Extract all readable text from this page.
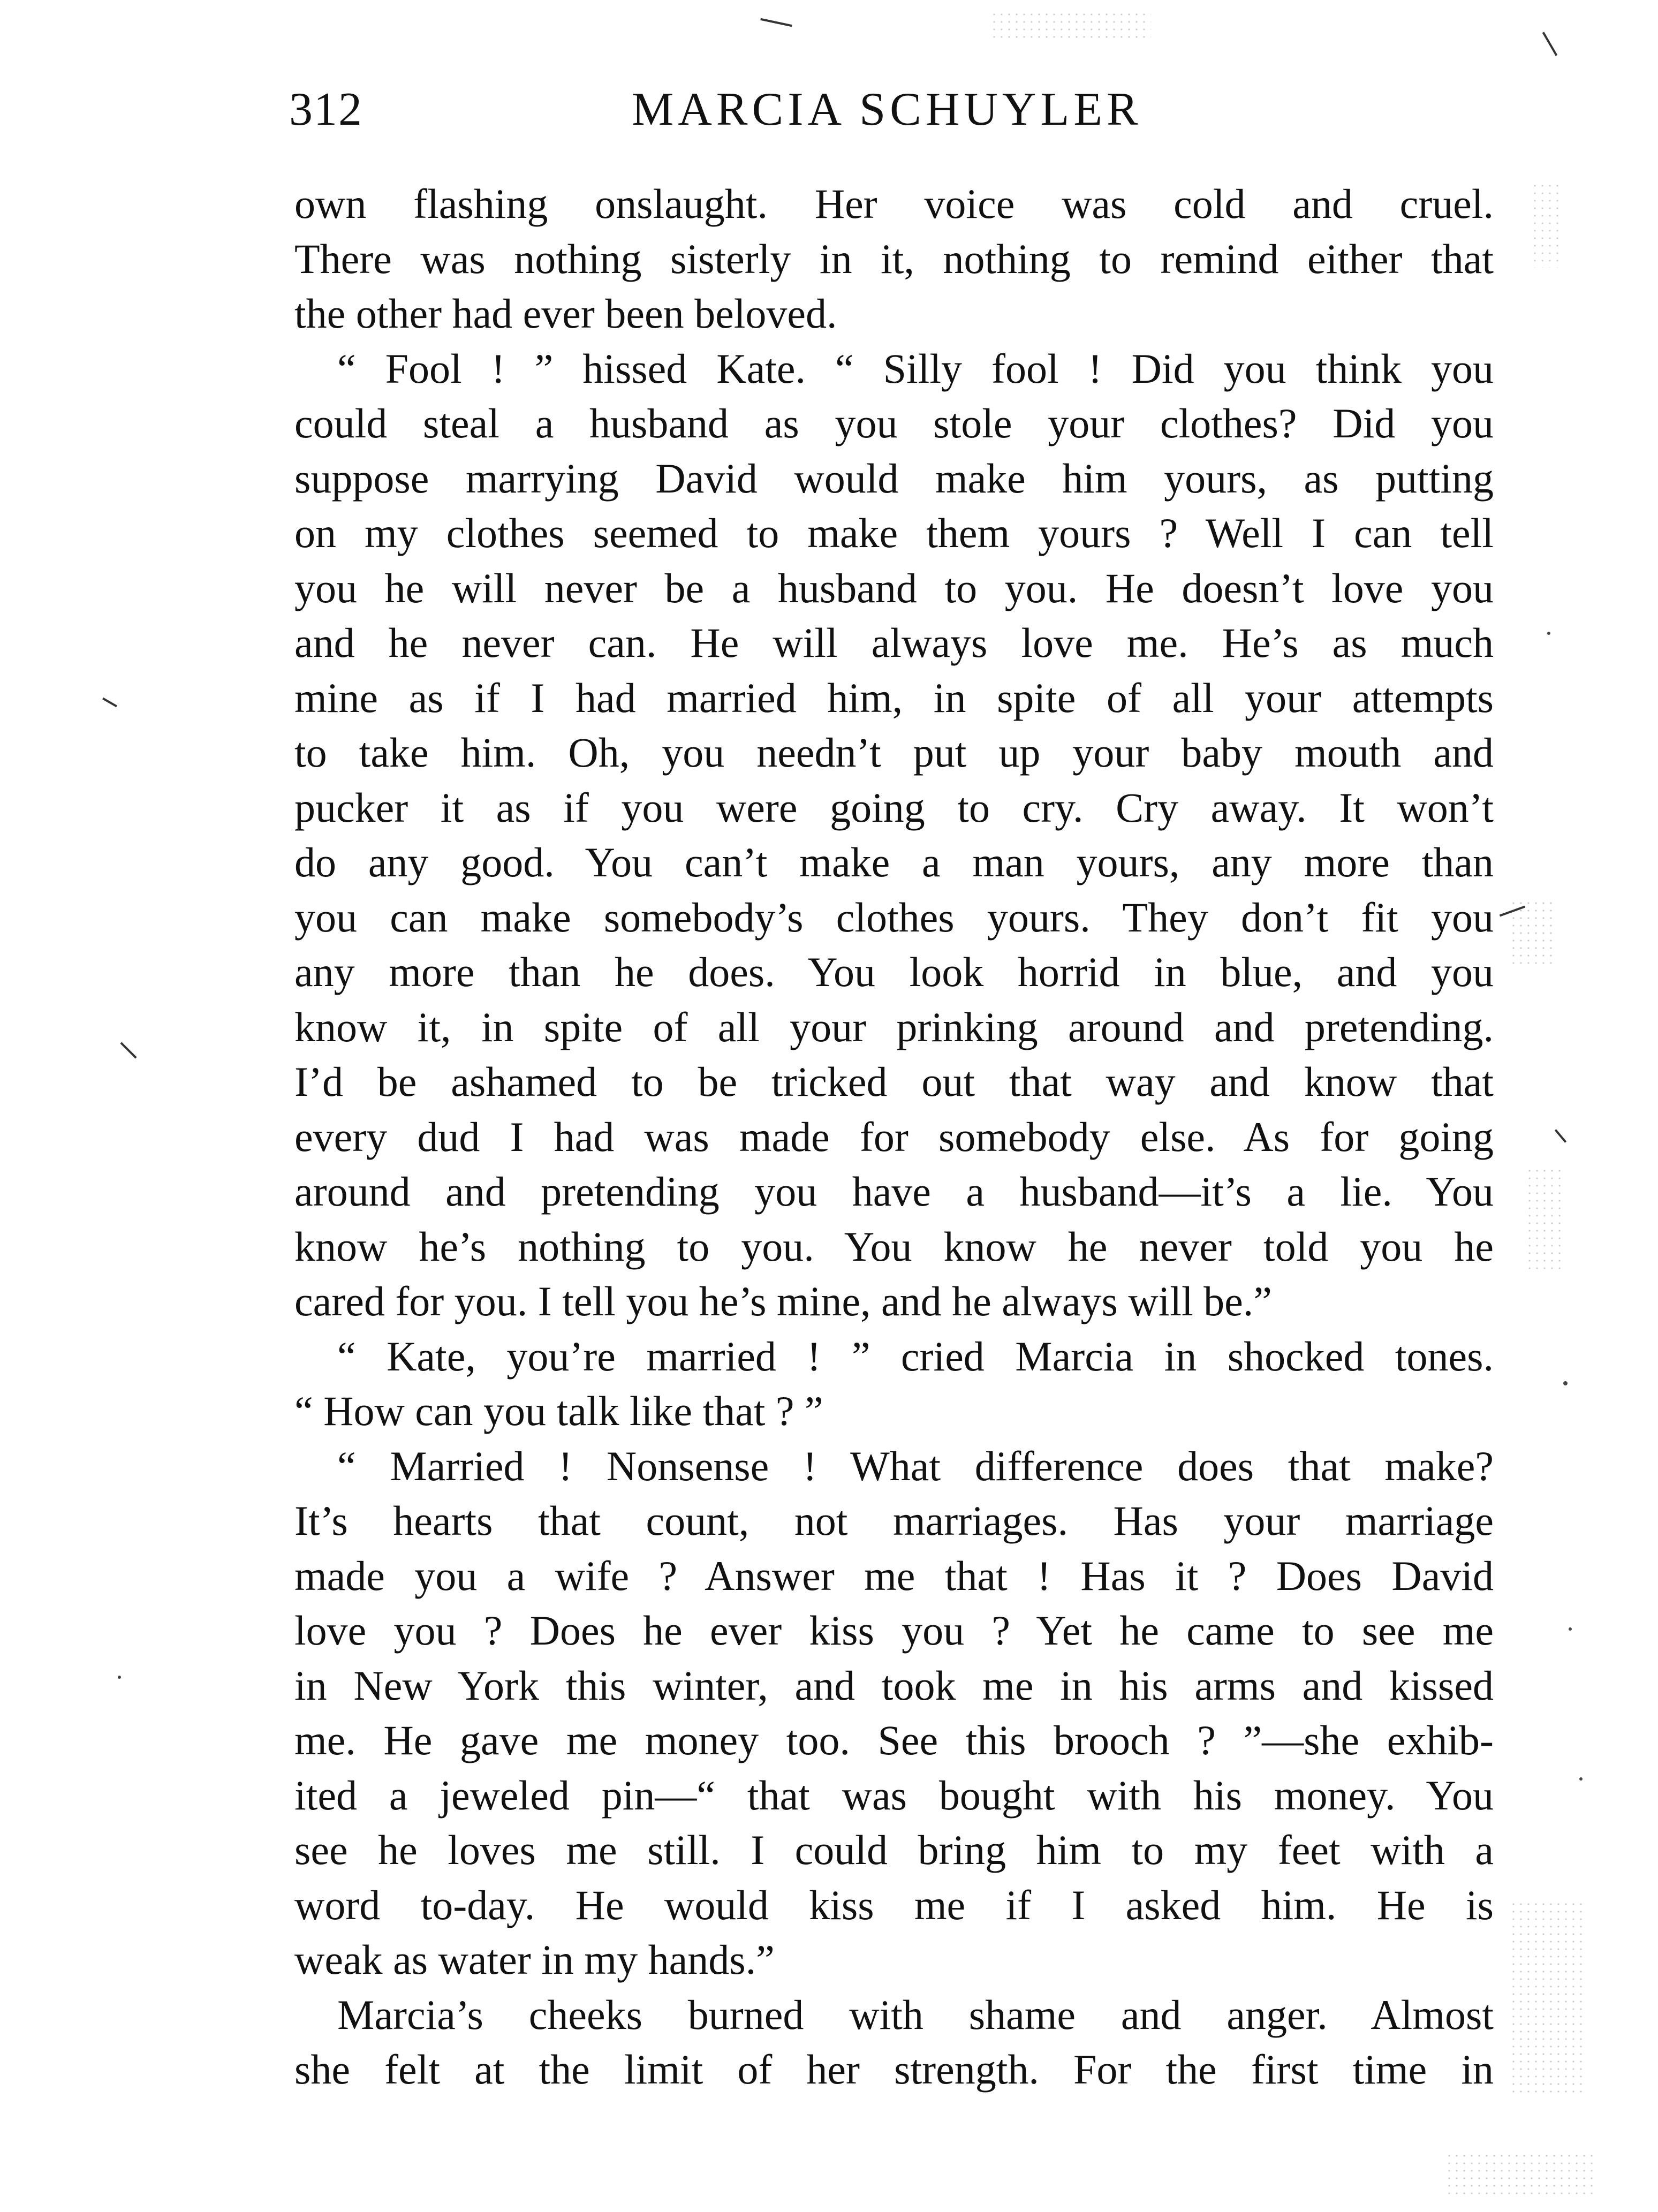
312	MARCIA SCHUYLER
own flashing onslaught. Her voice was cold and cruel.
There was nothing sisterly in it, nothing to remind either that
the other had ever been beloved.
“ Fool ! ” hissed Kate. “ Silly fool ! Did you think you
could steal a husband as you stole your clothes? Did you
suppose marrying David would make him yours, as putting
on my clothes seemed to make them yours ? Well I can tell
you he will never be a husband to you. He doesn’t love you
and he never can. He will always love me. He’s as much
mine as if I had married him, in spite of all your attempts
to take him. Oh, you needn’t put up your baby mouth and
pucker it as if you were going to cry. Cry away. It won’t
do any good. You can’t make a man yours, any more than
you can make somebody’s clothes yours. They don’t fit you
any more than he does. You look horrid in blue, and you
know it, in spite of all your prinking around and pretending.
I’d be ashamed to be tricked out that way and know that
every dud I had was made for somebody else. As for going
around and pretending you have a husband—it’s a lie. You
know he’s nothing to you. You know he never told you he
cared for you. I tell you he’s mine, and he always will be.”
“ Kate, you’re married ! ” cried Marcia in shocked tones.
“ How can you talk like that ? ”
“ Married ! Nonsense ! What difference does that make?
It’s hearts that count, not marriages. Has your marriage
made you a wife ? Answer me that ! Has it ? Does David
love you ? Does he ever kiss you ? Yet he came to see me
in New York this winter, and took me in his arms and kissed
me. He gave me money too. See this brooch ? ”—she exhib-
ited a jeweled pin—“ that was bought with his money. You
see he loves me still. I could bring him to my feet with a
word to-day. He would kiss me if I asked him. He is
weak as water in my hands.”
Marcia’s cheeks burned with shame and anger. Almost
she felt at the limit of her strength. For the first time in
